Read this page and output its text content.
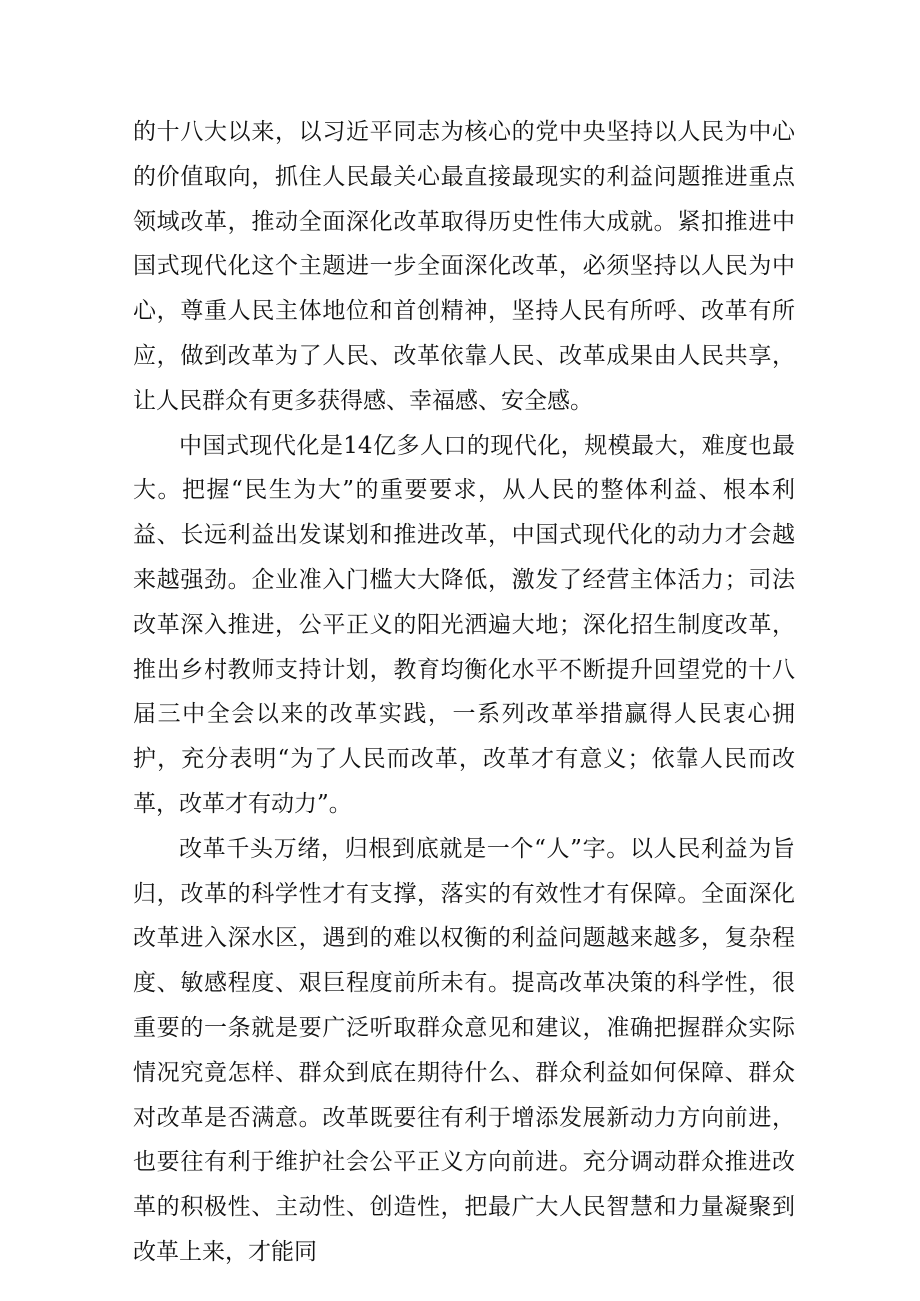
的十八大以来，以习近平同志为核心的党中央坚持以人民为中心的价值取向，抓住人民最关心最直接最现实的利益问题推进重点领域改革，推动全面深化改革取得历史性伟大成就。紧扣推进中国式现代化这个主题进一步全面深化改革，必须坚持以人民为中心，尊重人民主体地位和首创精神，坚持人民有所呼、改革有所应，做到改革为了人民、改革依靠人民、改革成果由人民共享，让人民群众有更多获得感、幸福感、安全感。

中国式现代化是14亿多人口的现代化，规模最大，难度也最大。把握“民生为大”的重要要求，从人民的整体利益、根本利益、长远利益出发谋划和推进改革，中国式现代化的动力才会越来越强劲。企业准入门槛大大降低，激发了经营主体活力；司法改革深入推进，公平正义的阳光洒遍大地；深化招生制度改革，推出乡村教师支持计划，教育均衡化水平不断提升回望党的十八届三中全会以来的改革实践，一系列改革举措赢得人民衷心拥护，充分表明“为了人民而改革，改革才有意义；依靠人民而改革，改革才有动力”。

改革千头万绪，归根到底就是一个“人”字。以人民利益为旨归，改革的科学性才有支撑，落实的有效性才有保障。全面深化改革进入深水区，遇到的难以权衡的利益问题越来越多，复杂程度、敏感程度、艰巨程度前所未有。提高改革决策的科学性，很重要的一条就是要广泛听取群众意见和建议，准确把握群众实际情况究竟怎样、群众到底在期待什么、群众利益如何保障、群众对改革是否满意。改革既要往有利于增添发展新动力方向前进，也要往有利于维护社会公平正义方向前进。充分调动群众推进改革的积极性、主动性、创造性，把最广大人民智慧和力量凝聚到改革上来，才能同
